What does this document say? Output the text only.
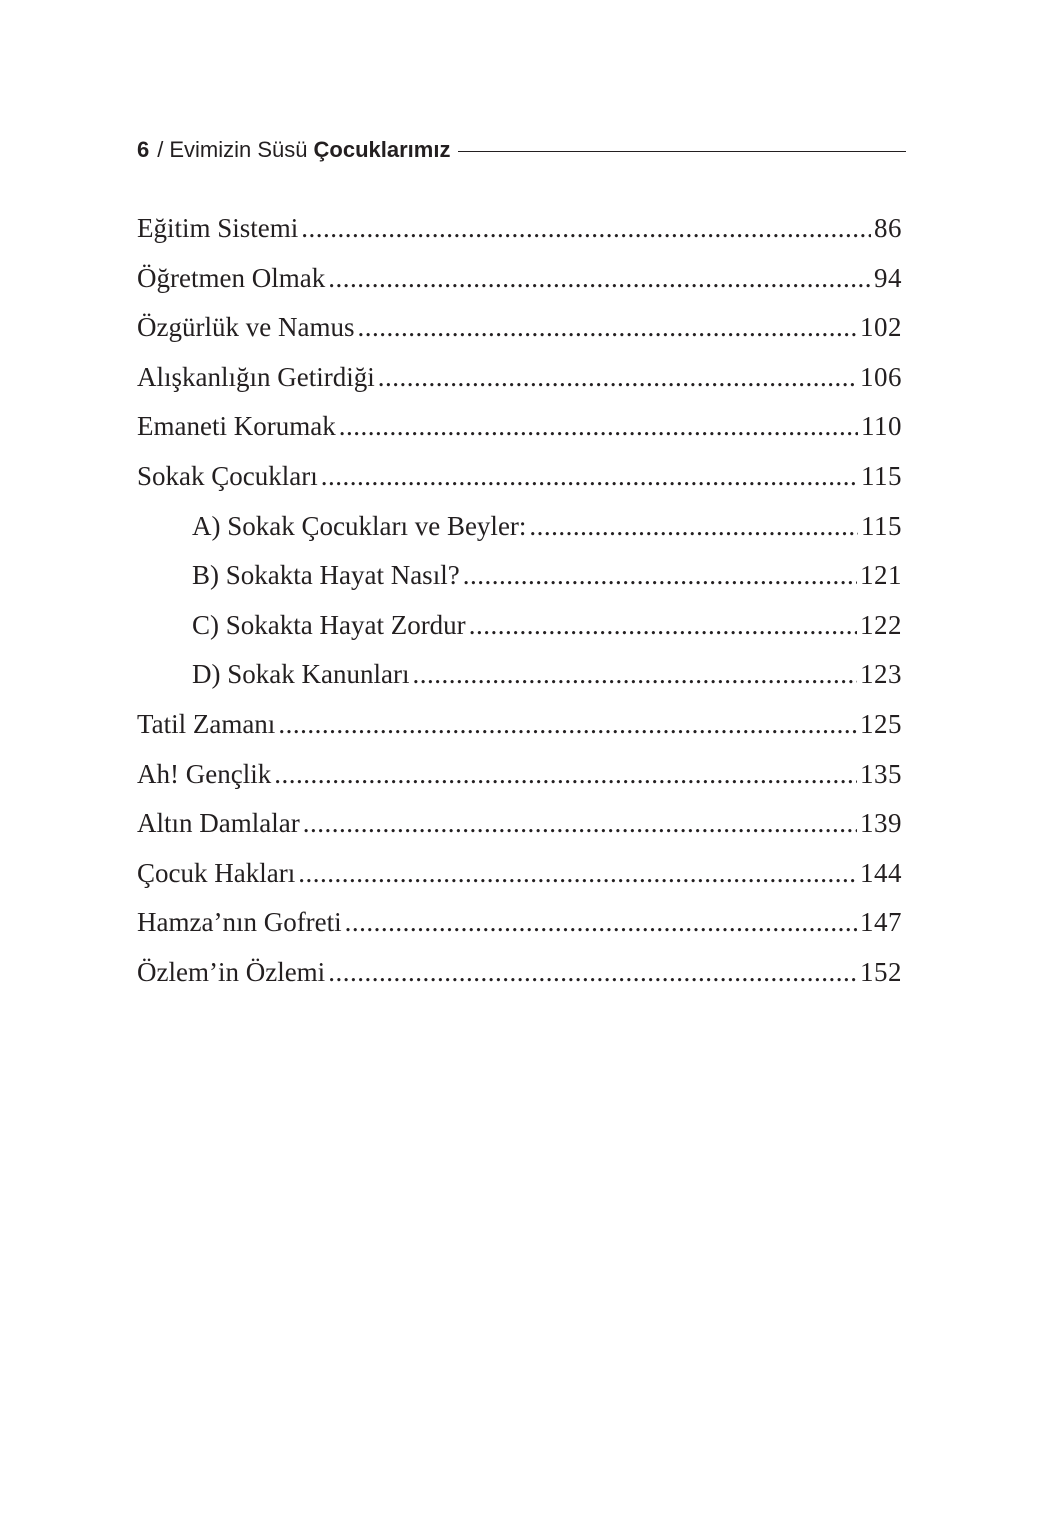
6 / Evimizin Süsü Çocuklarımız
Eğitim Sistemi .....	86
Öğretmen Olmak .....	94
Özgürlük ve Namus .....	102
Alışkanlığın Getirdiği .....	106
Emaneti Korumak .....	110
Sokak Çocukları .....	115
A) Sokak Çocukları ve Beyler: .....	115
B) Sokakta Hayat Nasıl? .....	121
C) Sokakta Hayat Zordur .....	122
D) Sokak Kanunları .....	123
Tatil Zamanı .....	125
Ah! Gençlik .....	135
Altın Damlalar .....	139
Çocuk Hakları .....	144
Hamza’nın Gofreti .....	147
Özlem’in Özlemi .....	152
